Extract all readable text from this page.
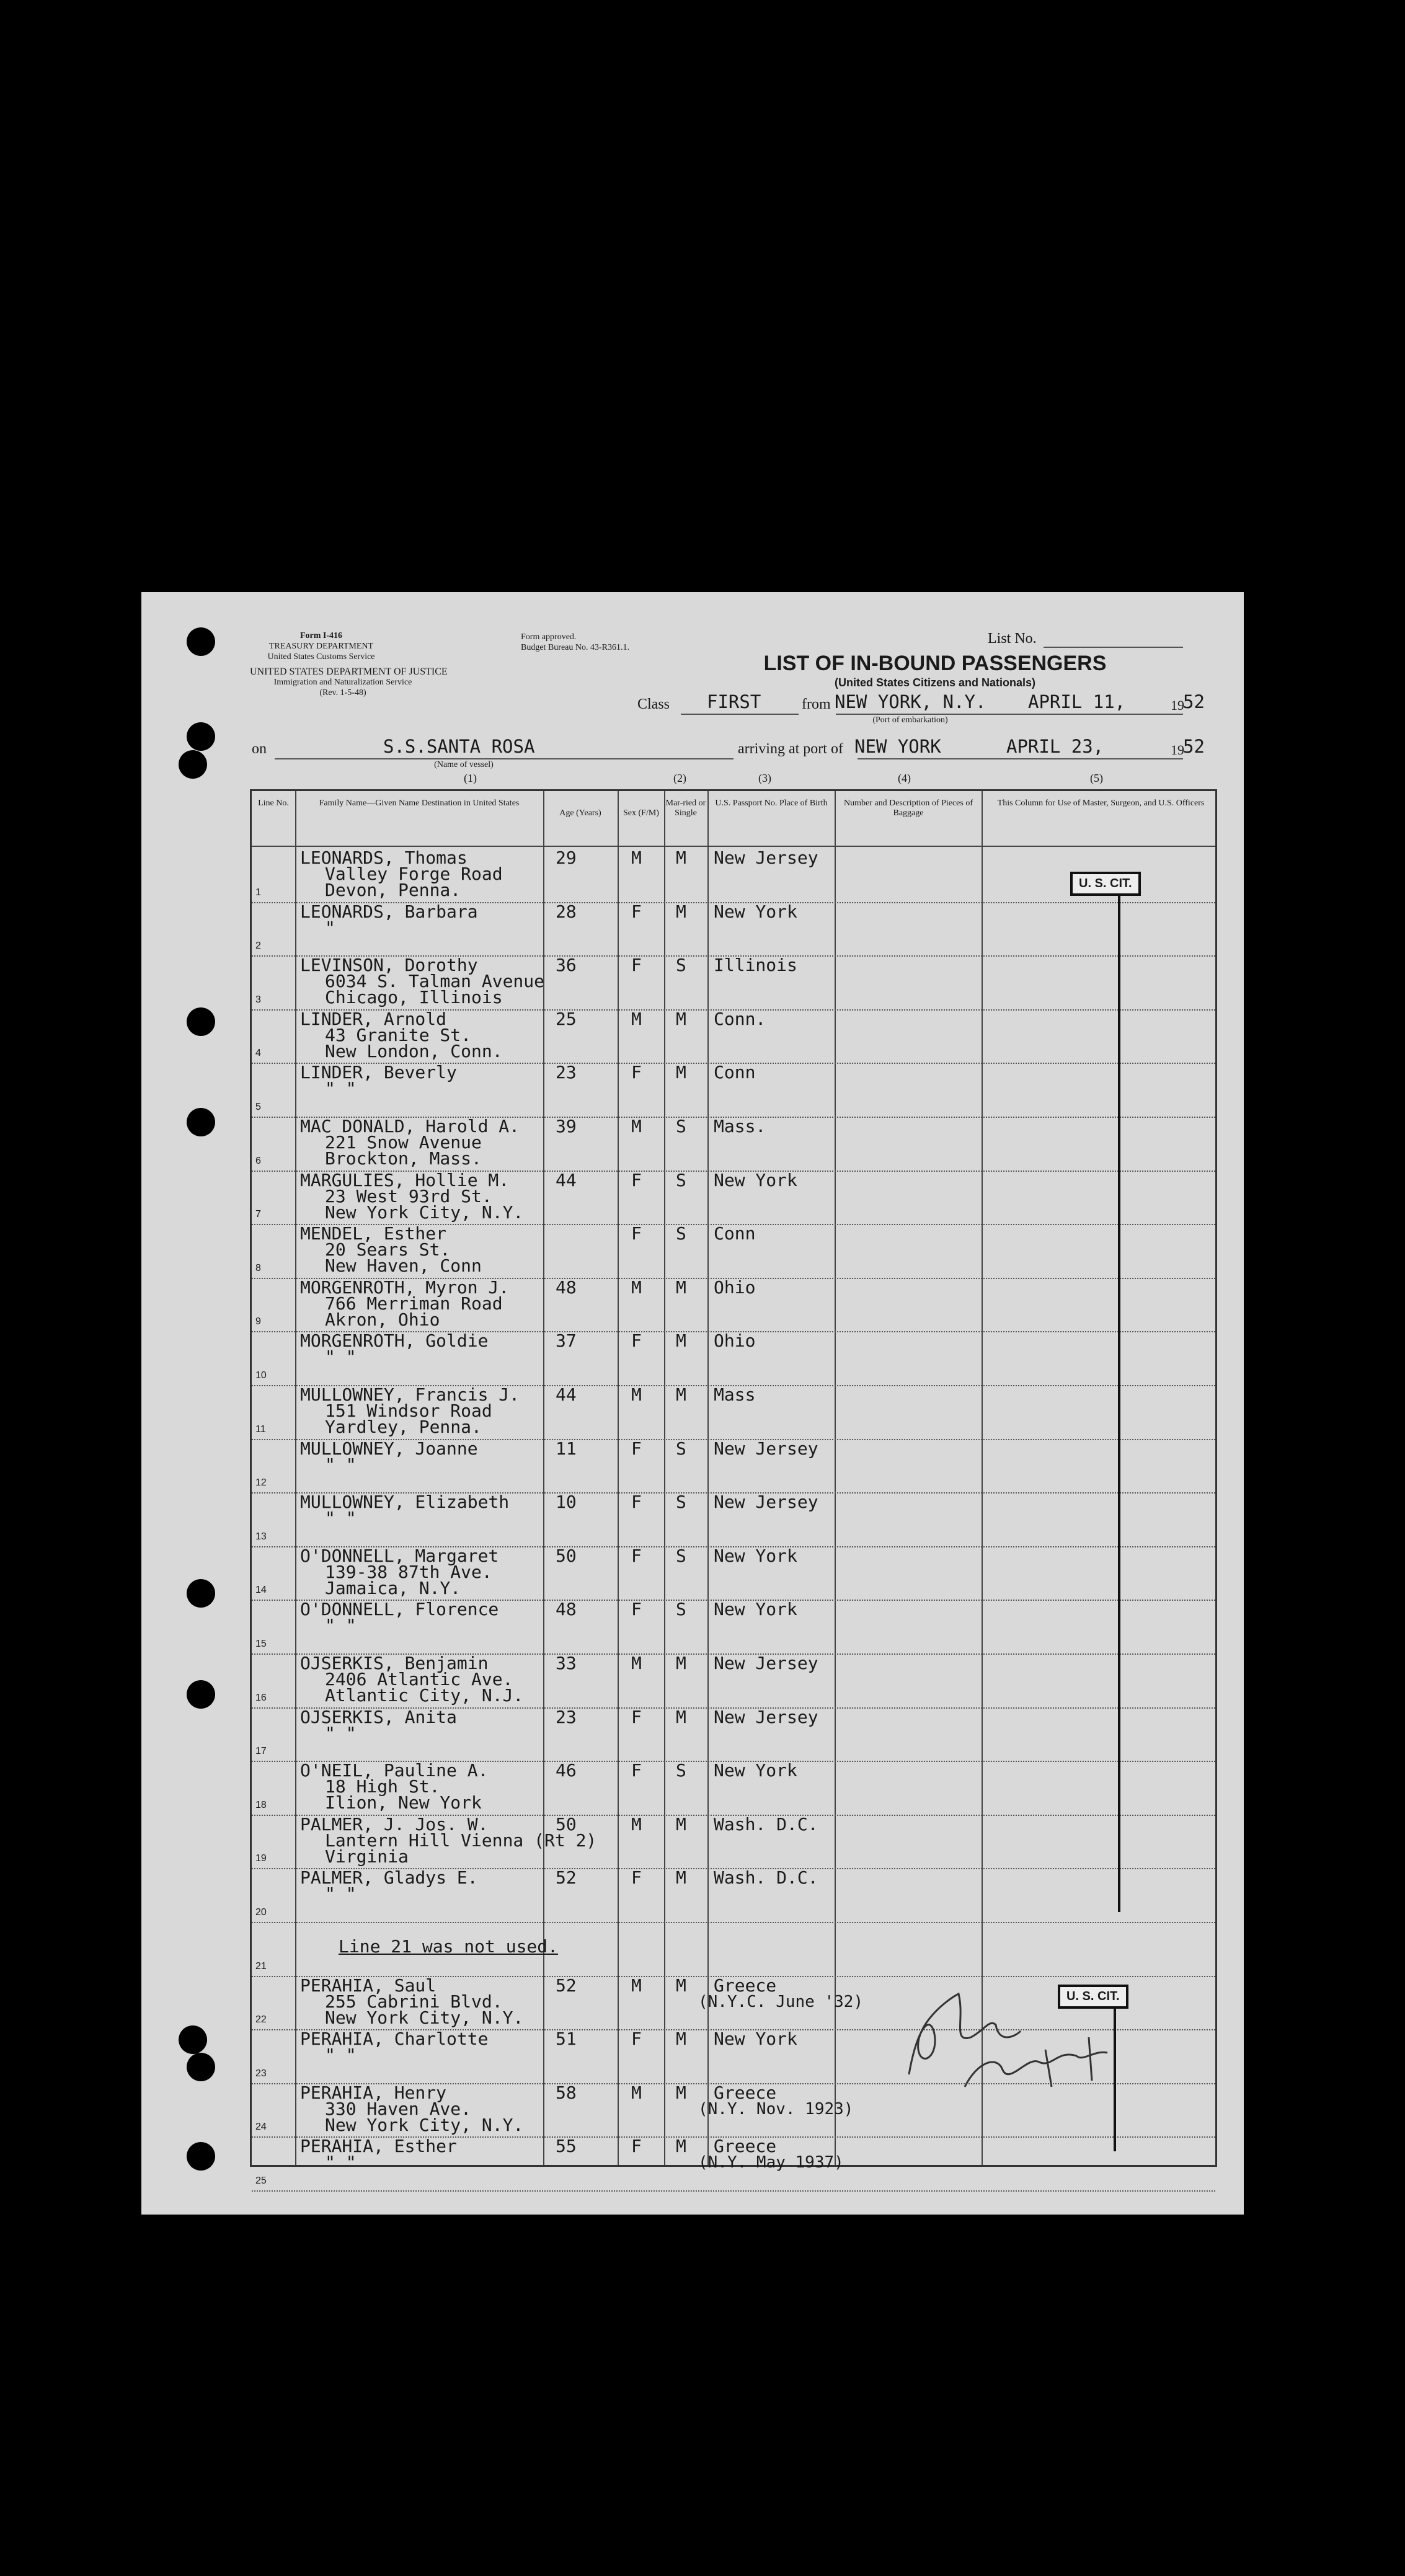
Form I-416
TREASURY DEPARTMENT
United States Customs Service
UNITED STATES DEPARTMENT OF JUSTICE
Immigration and Naturalization Service
(Rev. 1-5-48)
Form approved.
Budget Bureau No. 43-R361.1.
List No.
LIST OF IN-BOUND PASSENGERS
(United States Citizens and Nationals)
Class FIRST	from NEW YORK, N.Y. APRIL 11,	19
52
(Port of embarkation)
on	S.S.SANTA ROSA
(Name of vessel)
arriving at port of NEW YORK	APRIL 23,	19
52
(1)	(2)	(3)	(4)	(5)
Line No.	Family Name—Given Name Destination in United States
Age (Years)	Sex (F/M)
Mar-ried or Single
U.S. Passport No. Place of Birth	Number and Description of Pieces of Baggage
This Column for Use of Master, Surgeon, and U.S. Officers
1
LEONARDS, Thomas
Valley Forge Road
Devon, Penna.
29	M M New Jersey
2
LEONARDS, Barbara
"
28	F M New York
3
LEVINSON, Dorothy
6034 S. Talman Avenue
Chicago, Illinois
36	F S Illinois
4
LINDER, Arnold
43 Granite St.
New London, Conn.
25	M M Conn.
5
LINDER, Beverly
" "
23	F M Conn
6
MAC DONALD, Harold A.
221 Snow Avenue
Brockton, Mass.
39	M S Mass.
7
MARGULIES, Hollie M.
23 West 93rd St.
New York City, N.Y.
44	F S New York
8
MENDEL, Esther
20 Sears St.
New Haven, Conn
F S Conn
9
MORGENROTH, Myron J.
766 Merriman Road
Akron, Ohio
48	M M Ohio
10
MORGENROTH, Goldie
" "
37	F M Ohio
11
MULLOWNEY, Francis J.
151 Windsor Road
Yardley, Penna.
44	M M Mass
12
MULLOWNEY, Joanne
" "
11	F S New Jersey
13
MULLOWNEY, Elizabeth
" "
10	F S New Jersey
14
O'DONNELL, Margaret
139-38 87th Ave.
Jamaica, N.Y.
50	F S New York
15
O'DONNELL, Florence
" "
48	F S New York
16
OJSERKIS, Benjamin
2406 Atlantic Ave.
Atlantic City, N.J.
33	M M New Jersey
17
OJSERKIS, Anita
" "
23	F M New Jersey
18
O'NEIL, Pauline A.
18 High St.
Ilion, New York
46	F S New York
19
PALMER, J. Jos. W.
Lantern Hill Vienna (Rt 2)
Virginia
50	M M Wash. D.C.
20
PALMER, Gladys E.
" "
52	F M Wash. D.C.
21
Line 21 was not used.
22
PERAHIA, Saul
255 Cabrini Blvd.
New York City, N.Y.
52	M M Greece
(N.Y.C. June '32)
23
PERAHIA, Charlotte
" "
51	F M New York
24
PERAHIA, Henry
330 Haven Ave.
New York City, N.Y.
58	M M Greece
(N.Y. Nov. 1923)
25
PERAHIA, Esther
" "
55	F M Greece
(N.Y. May 1937)
U. S. CIT.
U. S. CIT.
